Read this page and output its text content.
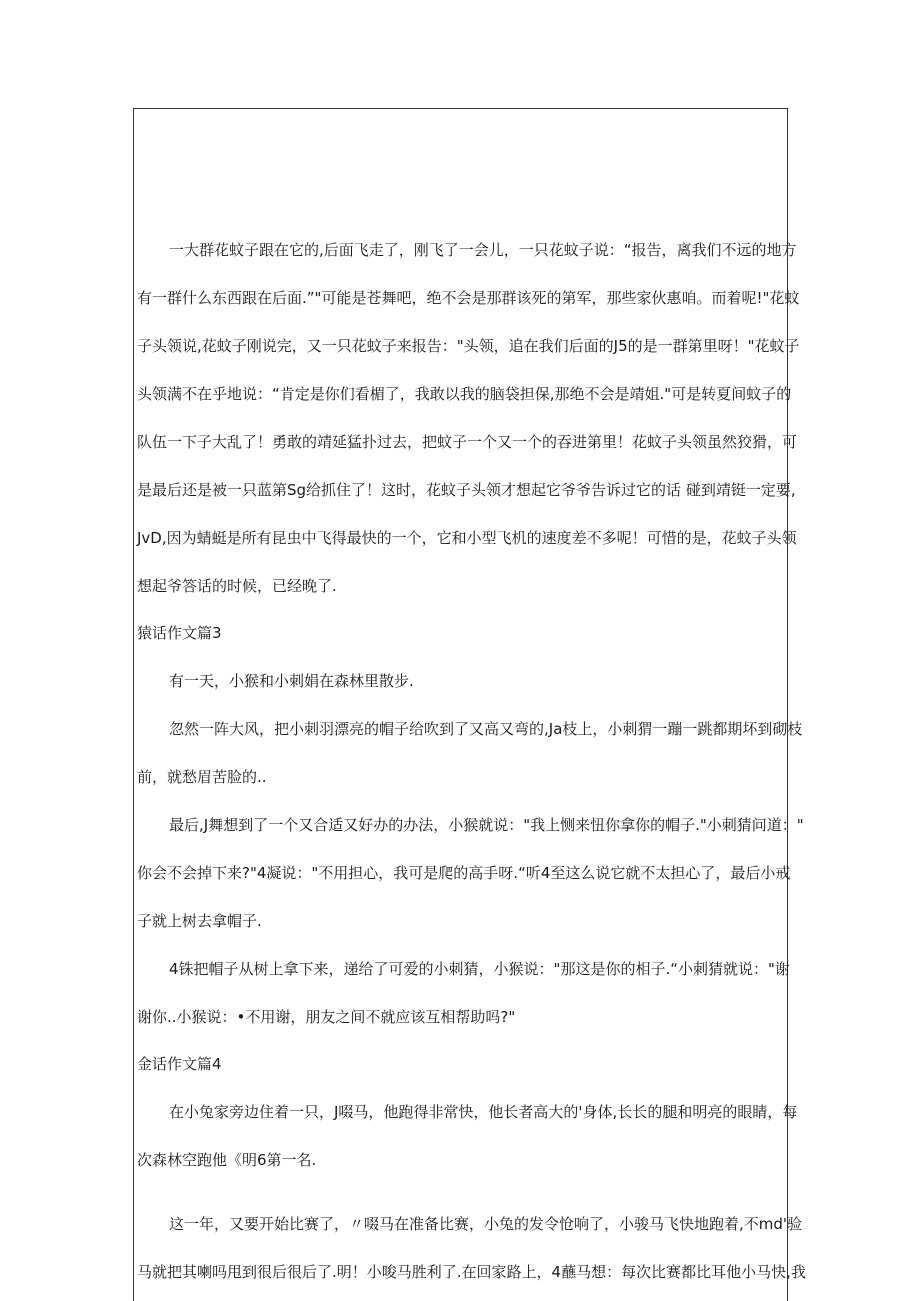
一大群花蚊子跟在它的,后面飞走了，刚飞了一会儿，一只花蚊子说：“报告，离我们不远的地方
有一群什么东西跟在后面.”"可能是苍舞吧，绝不会是那群该死的第军，那些家伙惠咱。而着呢!"花蚊
子头领说,花蚊子刚说完，又一只花蚊子来报告："头领，追在我们后面的J5的是一群第里呀！"花蚊子
头领满不在乎地说：“肯定是你们看楣了，我敢以我的脑袋担保,那绝不会是靖姐."可是转夏间蚊子的
队伍一下子大乱了！勇敢的靖延猛扑过去，把蚊子一个又一个的吞进第里！花蚊子头领虽然狡猾，可
是最后还是被一只蓝第Sg给抓住了！这时，花蚊子头领才想起它爷爷告诉过它的话 碰到靖铤一定要,
JvD,因为蜻蜓是所有昆虫中飞得最快的一个，它和小型飞机的速度差不多呢！可惜的是，花蚊子头领
想起爷答话的时候，已经晚了.
猿话作文篇3
有一天，小猴和小刺娟在森林里散步.
忽然一阵大风，把小刺羽漂亮的帽子给吹到了又高又弯的,Ja枝上，小刺猬一蹦一跳都期坏到砌枝
前，就愁眉苦脸的..
最后,J舞想到了一个又合适又好办的办法，小猴就说："我上恻来忸你拿你的帽子."小刺猜问道："
你会不会掉下来?"4凝说："不用担心，我可是爬的高手呀.“听4至这么说它就不太担心了，最后小戒
子就上树去拿帽子.
4铢把帽子从树上拿下来，递给了可爱的小刺猜，小猴说："那这是你的相子.“小刺猜就说："谢
谢你..小猴说：•不用谢，朋友之间不就应该互相帮助吗?"
金话作文篇4
在小兔家旁边住着一只，J啜马，他跑得非常快，他长者高大的'身体,长长的腿和明亮的眼睛，每
次森林空跑他《明6第一名.
这一年，又要开始比赛了，〃啜马在准备比赛，小兔的发令怆响了，小骏马飞快地跑着,不md'验
马就把其喇吗甩到很后很后了.明！小唆马胜利了.在回家路上，4蘸马想：每次比赛都比耳他小马快,我
